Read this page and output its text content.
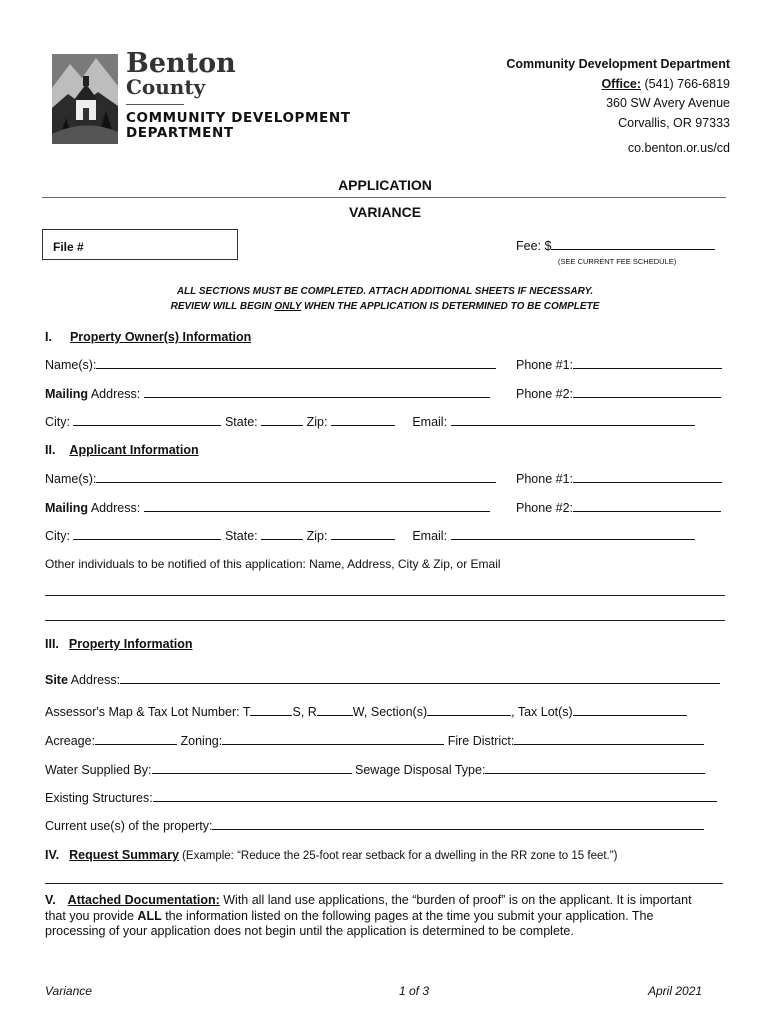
Benton
County
COMMUNITY DEVELOPMENT
DEPARTMENT
Community Development Department
Office: (541) 766-6819
360 SW Avery Avenue
Corvallis, OR 97333
co.benton.or.us/cd
APPLICATION
VARIANCE
File #	Fee: $
(SEE CURRENT FEE SCHEDULE)
ALL SECTIONS MUST BE COMPLETED. ATTACH ADDITIONAL SHEETS IF NECESSARY.
REVIEW WILL BEGIN ONLY WHEN THE APPLICATION IS DETERMINED TO BE COMPLETE
I. Property Owner(s) Information
Name(s):	Phone #1:
Mailing Address:	Phone #2:
City:	State:	Zip:	Email:
II. Applicant Information
Name(s):	Phone #1:
Mailing Address:	Phone #2:
City:	State:	Zip:	Email:
Other individuals to be notified of this application: Name, Address, City & Zip, or Email
III. Property Information
Site Address:
Assessor's Map & Tax Lot Number: T	S, R	W, Section(s)	, Tax Lot(s)
Acreage:	Zoning:	Fire District:
Water Supplied By:	Sewage Disposal Type:
Existing Structures:
Current use(s) of the property:
IV. Request Summary (Example: “Reduce the 25-foot rear setback for a dwelling in the RR zone to 15 feet.”)
V. Attached Documentation: With all land use applications, the “burden of proof” is on the applicant. It is important that you provide ALL the information listed on the following pages at the time you submit your application. The processing of your application does not begin until the application is determined to be complete.
Variance	1 of 3	April 2021
